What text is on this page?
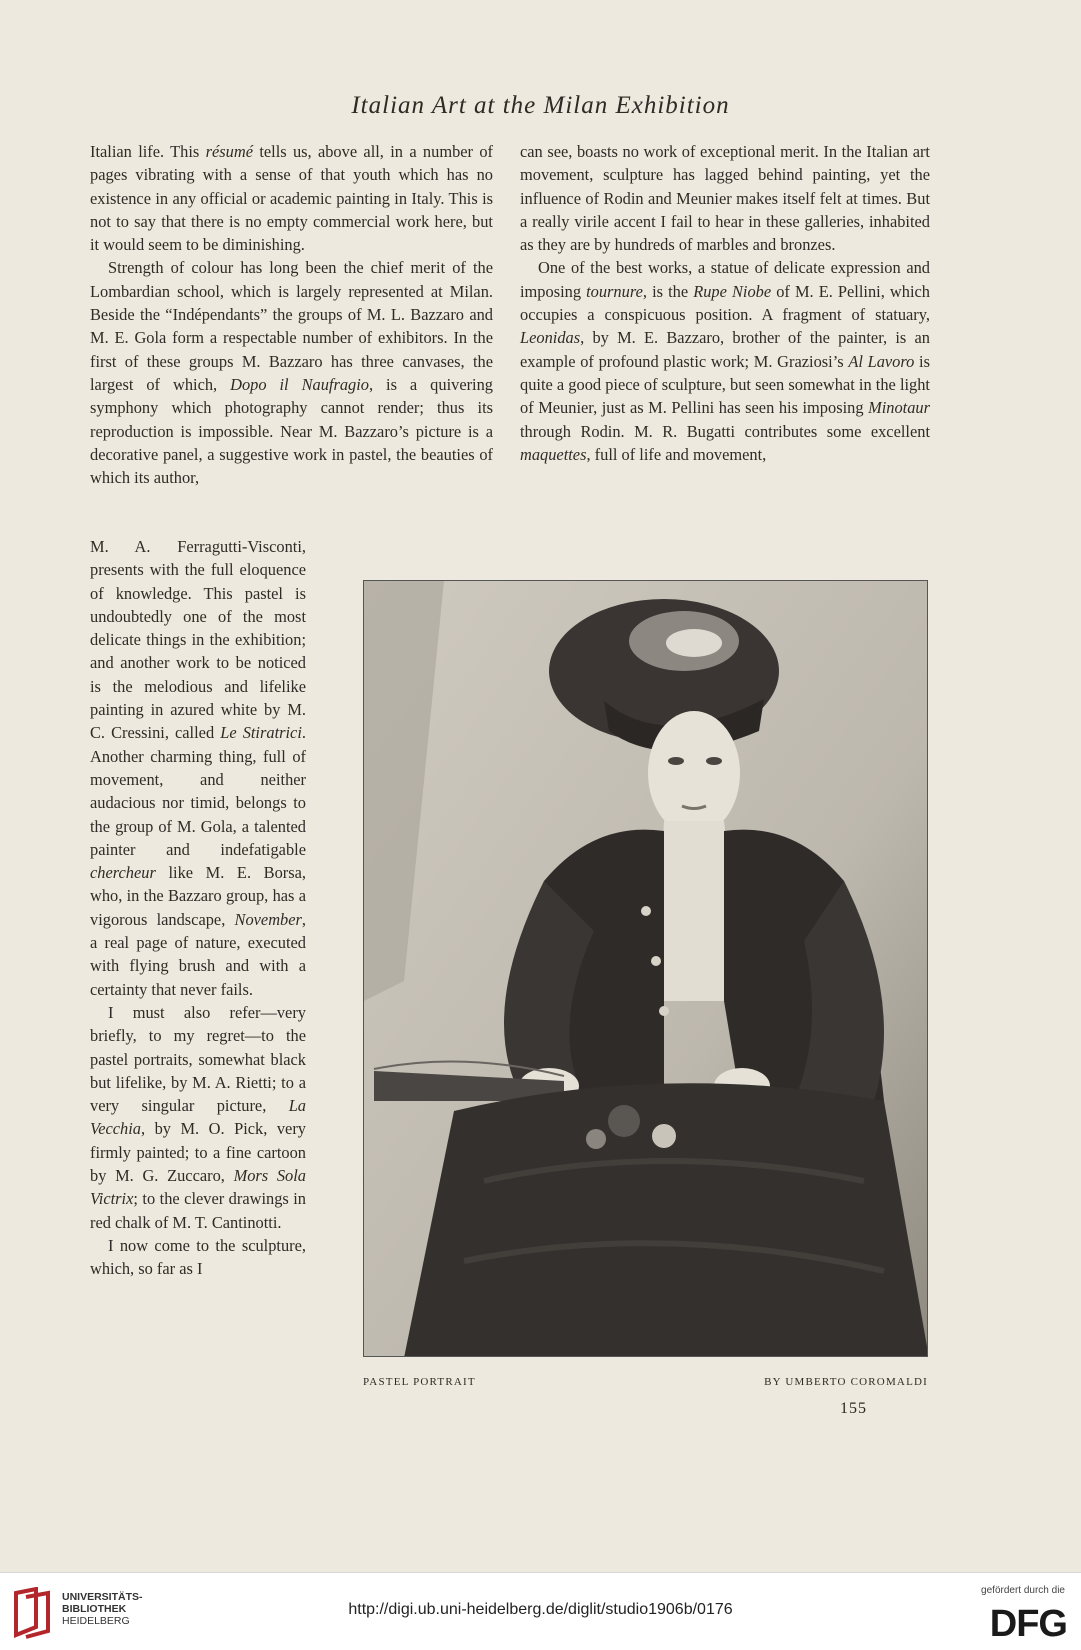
Italian Art at the Milan Exhibition

Italian life. This résumé tells us, above all, in a number of pages vibrating with a sense of that youth which has no existence in any official or academic painting in Italy. This is not to say that there is no empty commercial work here, but it would seem to be diminishing.

Strength of colour has long been the chief merit of the Lombardian school, which is largely represented at Milan. Beside the “Indépendants” the groups of M. L. Bazzaro and M. E. Gola form a respectable number of exhibitors. In the first of these groups M. Bazzaro has three canvases, the largest of which, Dopo il Naufragio, is a quivering symphony which photography cannot render; thus its reproduction is impossible. Near M. Bazzaro’s picture is a decorative panel, a suggestive work in pastel, the beauties of which its author,

can see, boasts no work of exceptional merit. In the Italian art movement, sculpture has lagged behind painting, yet the influence of Rodin and Meunier makes itself felt at times. But a really virile accent I fail to hear in these galleries, inhabited as they are by hundreds of marbles and bronzes.

One of the best works, a statue of delicate expression and imposing tournure, is the Rupe Niobe of M. E. Pellini, which occupies a conspicuous position. A fragment of statuary, Leonidas, by M. E. Bazzaro, brother of the painter, is an example of profound plastic work; M. Graziosi’s Al Lavoro is quite a good piece of sculpture, but seen somewhat in the light of Meunier, just as M. Pellini has seen his imposing Minotaur through Rodin. M. R. Bugatti contributes some excellent maquettes, full of life and movement,

M. A. Ferragutti-Visconti, presents with the full eloquence of knowledge. This pastel is undoubtedly one of the most delicate things in the exhibition; and another work to be noticed is the melodious and lifelike painting in azured white by M. C. Cressini, called Le Stiratrici. Another charming thing, full of movement, and neither audacious nor timid, belongs to the group of M. Gola, a talented painter and indefatigable chercheur like M. E. Borsa, who, in the Bazzaro group, has a vigorous landscape, November, a real page of nature, executed with flying brush and with a certainty that never fails.

I must also refer—very briefly, to my regret—to the pastel portraits, somewhat black but lifelike, by M. A. Rietti; to a very singular picture, La Vecchia, by M. O. Pick, very firmly painted; to a fine cartoon by M. G. Zuccaro, Mors Sola Victrix; to the clever drawings in red chalk of M. T. Cantinotti.

I now come to the sculpture, which, so far as I

PASTEL PORTRAIT	BY UMBERTO COROMALDI
155
UNIVERSITÄTS-
BIBLIOTHEK
HEIDELBERG
http://digi.ub.uni-heidelberg.de/diglit/studio1906b/0176
gefördert durch die
DFG
